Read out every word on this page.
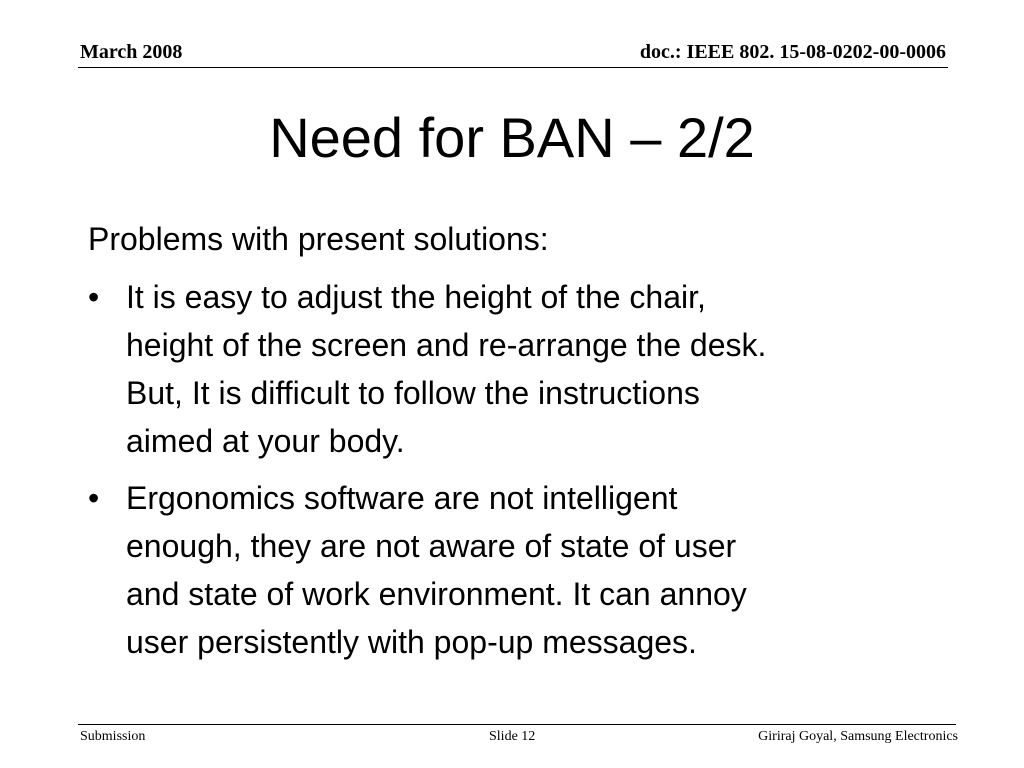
March 2008	doc.: IEEE 802. 15-08-0202-00-0006
Need for BAN – 2/2

Problems with present solutions:

• It is easy to adjust the height of the chair,
height of the screen and re-arrange the desk.
But, It is difficult to follow the instructions
aimed at your body.
• Ergonomics software are not intelligent
enough, they are not aware of state of user
and state of work environment. It can annoy
user persistently with pop-up messages.
Submission	Slide 12	Giriraj Goyal, Samsung Electronics
